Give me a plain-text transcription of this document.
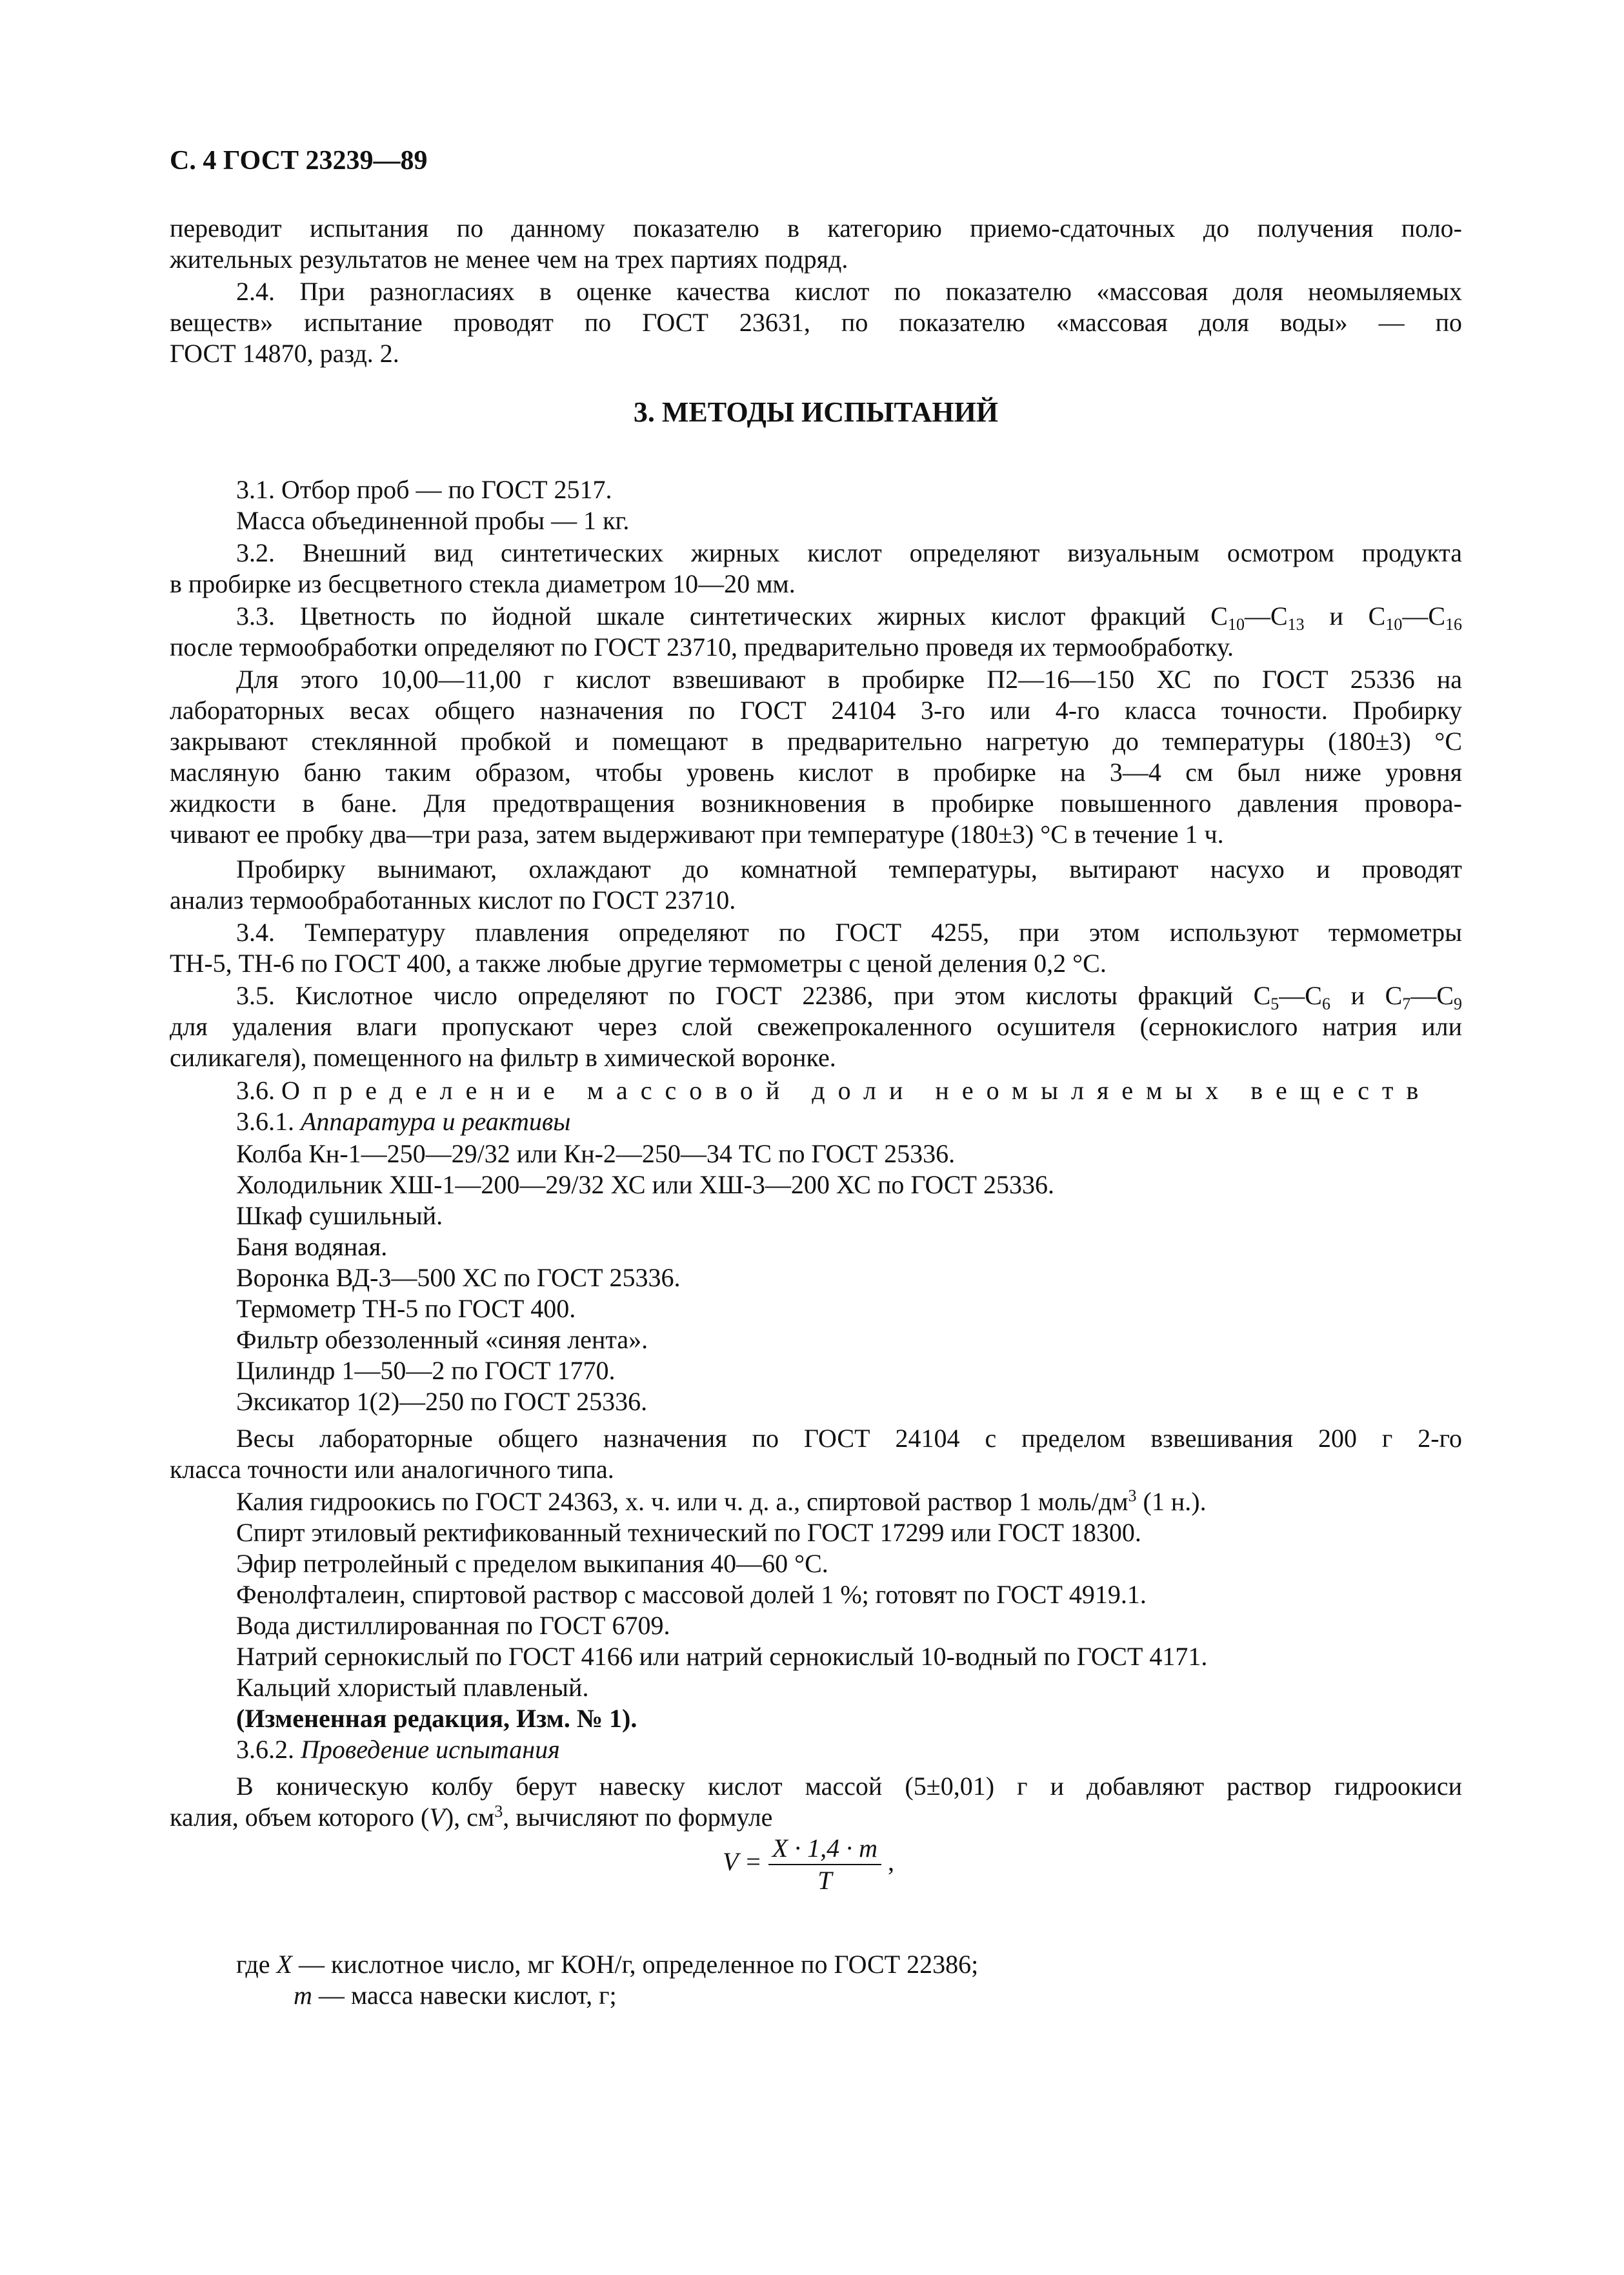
С. 4 ГОСТ 23239—89

переводит испытания по данному показателю в категорию приемо-сдаточных до получения поло-

жительных результатов не менее чем на трех партиях подряд.

2.4. При разногласиях в оценке качества кислот по показателю «массовая доля неомыляемых

веществ» испытание проводят по ГОСТ 23631, по показателю «массовая доля воды» — по

ГОСТ 14870, разд. 2.

3. МЕТОДЫ ИСПЫТАНИЙ

3.1. Отбор проб — по ГОСТ 2517.

Масса объединенной пробы — 1 кг.

3.2. Внешний вид синтетических жирных кислот определяют визуальным осмотром продукта

в пробирке из бесцветного стекла диаметром 10—20 мм.

3.3. Цветность по йодной шкале синтетических жирных кислот фракций $C_{10}—C_{13}$ и $C_{10}—C_{16}$

после термообработки определяют по ГОСТ 23710, предварительно проведя их термообработку.

Для этого 10,00—11,00 г кислот взвешивают в пробирке П2—16—150 ХС по ГОСТ 25336 на

лабораторных весах общего назначения по ГОСТ 24104 3-го или 4-го класса точности. Пробирку

закрывают стеклянной пробкой и помещают в предварительно нагретую до температуры (180±3) °С

масляную баню таким образом, чтобы уровень кислот в пробирке на 3—4 см был ниже уровня

жидкости в бане. Для предотвращения возникновения в пробирке повышенного давления провора-

чивают ее пробку два—три раза, затем выдерживают при температуре (180±3) °С в течение 1 ч.

Пробирку вынимают, охлаждают до комнатной температуры, вытирают насухо и проводят

анализ термообработанных кислот по ГОСТ 23710.

3.4. Температуру плавления определяют по ГОСТ 4255, при этом используют термометры

ТН-5, ТН-6 по ГОСТ 400, а также любые другие термометры с ценой деления 0,2 °С.

3.5. Кислотное число определяют по ГОСТ 22386, при этом кислоты фракций $C_5—C_6$ и $C_7—C_9$

для удаления влаги пропускают через слой свежепрокаленного осушителя (сернокислого натрия или

силикагеля), помещенного на фильтр в химической воронке.

3.6. Определение массовой доли неомыляемых веществ

3.6.1. Аппаратура и реактивы

Колба Кн-1—250—29/32 или Кн-2—250—34 ТС по ГОСТ 25336.

Холодильник ХШ-1—200—29/32 ХС или ХШ-3—200 ХС по ГОСТ 25336.

Шкаф сушильный.

Баня водяная.

Воронка ВД-3—500 ХС по ГОСТ 25336.

Термометр ТН-5 по ГОСТ 400.

Фильтр обеззоленный «синяя лента».

Цилиндр 1—50—2 по ГОСТ 1770.

Эксикатор 1(2)—250 по ГОСТ 25336.

Весы лабораторные общего назначения по ГОСТ 24104 с пределом взвешивания 200 г 2-го

класса точности или аналогичного типа.

Калия гидроокись по ГОСТ 24363, х. ч. или ч. д. а., спиртовой раствор 1 моль/$дм^3$ (1 н.).

Спирт этиловый ректификованный технический по ГОСТ 17299 или ГОСТ 18300.

Эфир петролейный с пределом выкипания 40—60 °С.

Фенолфталеин, спиртовой раствор с массовой долей 1 %; готовят по ГОСТ 4919.1.

Вода дистиллированная по ГОСТ 6709.

Натрий сернокислый по ГОСТ 4166 или натрий сернокислый 10-водный по ГОСТ 4171.

Кальций хлористый плавленый.

(Измененная редакция, Изм. № 1).

3.6.2. Проведение испытания

В коническую колбу берут навеску кислот массой (5±0,01) г и добавляют раствор гидроокиси

калия, объем которого (V), $см^3$, вычисляют по формуле

$V = \frac{X \cdot 1,4 \cdot m}{T}$ ,

где X — кислотное число, мг КОН/г, определенное по ГОСТ 22386;

m — масса навески кислот, г;
